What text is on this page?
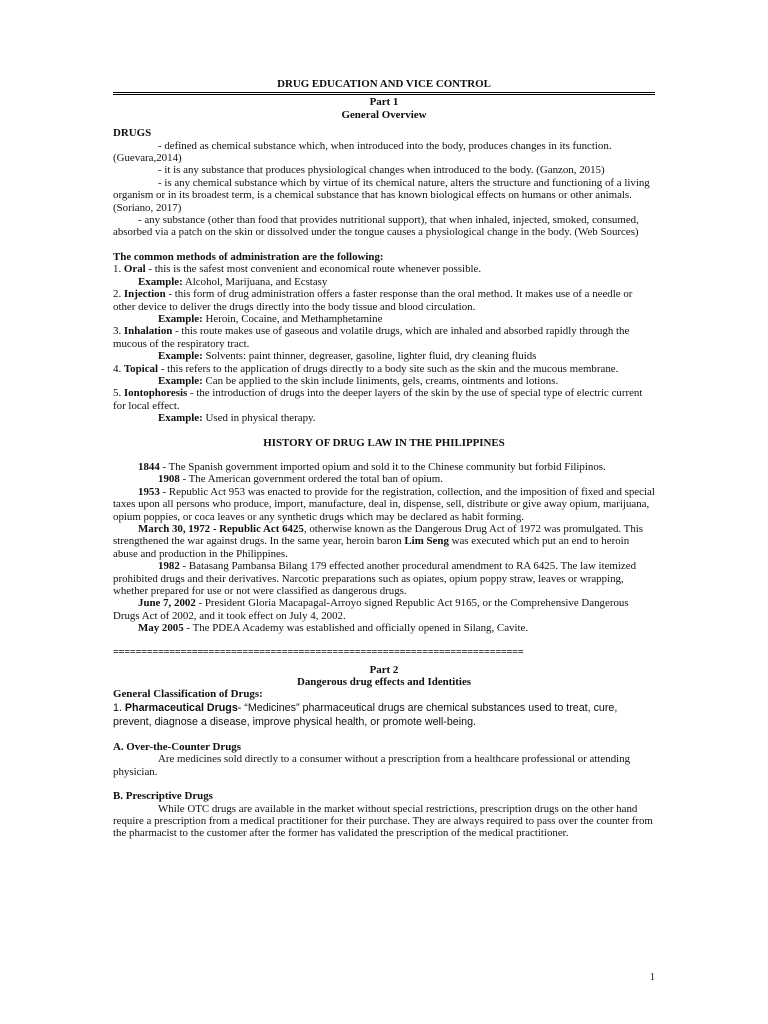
DRUG EDUCATION AND VICE CONTROL

Part 1

General Overview

DRUGS

- defined as chemical substance which, when introduced into the body, produces changes in its function. (Guevara,2014)

- it is any substance that produces physiological changes when introduced to the body. (Ganzon, 2015)

- is any chemical substance which by virtue of its chemical nature, alters the structure and functioning of a living organism or in its broadest term, is a chemical substance that has known biological effects on humans or other animals. (Soriano, 2017)

- any substance (other than food that provides nutritional support), that when inhaled, injected, smoked, consumed, absorbed via a patch on the skin or dissolved under the tongue causes a physiological change in the body. (Web Sources)

The common methods of administration are the following:

1. Oral - this is the safest most convenient and economical route whenever possible.

Example: Alcohol, Marijuana, and Ecstasy

2. Injection - this form of drug administration offers a faster response than the oral method. It makes use of a needle or other device to deliver the drugs directly into the body tissue and blood circulation.

Example: Heroin, Cocaine, and Methamphetamine

3. Inhalation - this route makes use of gaseous and volatile drugs, which are inhaled and absorbed rapidly through the mucous of the respiratory tract.

Example: Solvents: paint thinner, degreaser, gasoline, lighter fluid, dry cleaning fluids

4. Topical - this refers to the application of drugs directly to a body site such as the skin and the mucous membrane.

Example: Can be applied to the skin include liniments, gels, creams, ointments and lotions.

5. Iontophoresis - the introduction of drugs into the deeper layers of the skin by the use of special type of electric current for local effect.

Example: Used in physical therapy.

HISTORY OF DRUG LAW IN THE PHILIPPINES

1844 - The Spanish government imported opium and sold it to the Chinese community but forbid Filipinos.

1908 - The American government ordered the total ban of opium.

1953 - Republic Act 953 was enacted to provide for the registration, collection, and the imposition of fixed and special taxes upon all persons who produce, import, manufacture, deal in, dispense, sell, distribute or give away opium, marijuana, opium poppies, or coca leaves or any synthetic drugs which may be declared as habit forming.

March 30, 1972 - Republic Act 6425, otherwise known as the Dangerous Drug Act of 1972 was promulgated. This strengthened the war against drugs. In the same year, heroin baron Lim Seng was executed which put an end to heroin abuse and production in the Philippines.

1982 - Batasang Pambansa Bilang 179 effected another procedural amendment to RA 6425. The law itemized prohibited drugs and their derivatives. Narcotic preparations such as opiates, opium poppy straw, leaves or wrapping, whether prepared for use or not were classified as dangerous drugs.

June 7, 2002 - President Gloria Macapagal-Arroyo signed Republic Act 9165, or the Comprehensive Dangerous Drugs Act of 2002, and it took effect on July 4, 2002.

May 2005 - The PDEA Academy was established and officially opened in Silang, Cavite.

=========================================================================

Part 2

Dangerous drug effects and Identities

General Classification of Drugs:

1. Pharmaceutical Drugs- “Medicines” pharmaceutical drugs are chemical substances used to treat, cure, prevent, diagnose a disease, improve physical health, or promote well-being.

A. Over-the-Counter Drugs

Are medicines sold directly to a consumer without a prescription from a healthcare professional or attending physician.

B. Prescriptive Drugs

While OTC drugs are available in the market without special restrictions, prescription drugs on the other hand require a prescription from a medical practitioner for their purchase. They are always required to pass over the counter from the pharmacist to the customer after the former has validated the prescription of the medical practitioner.

1
